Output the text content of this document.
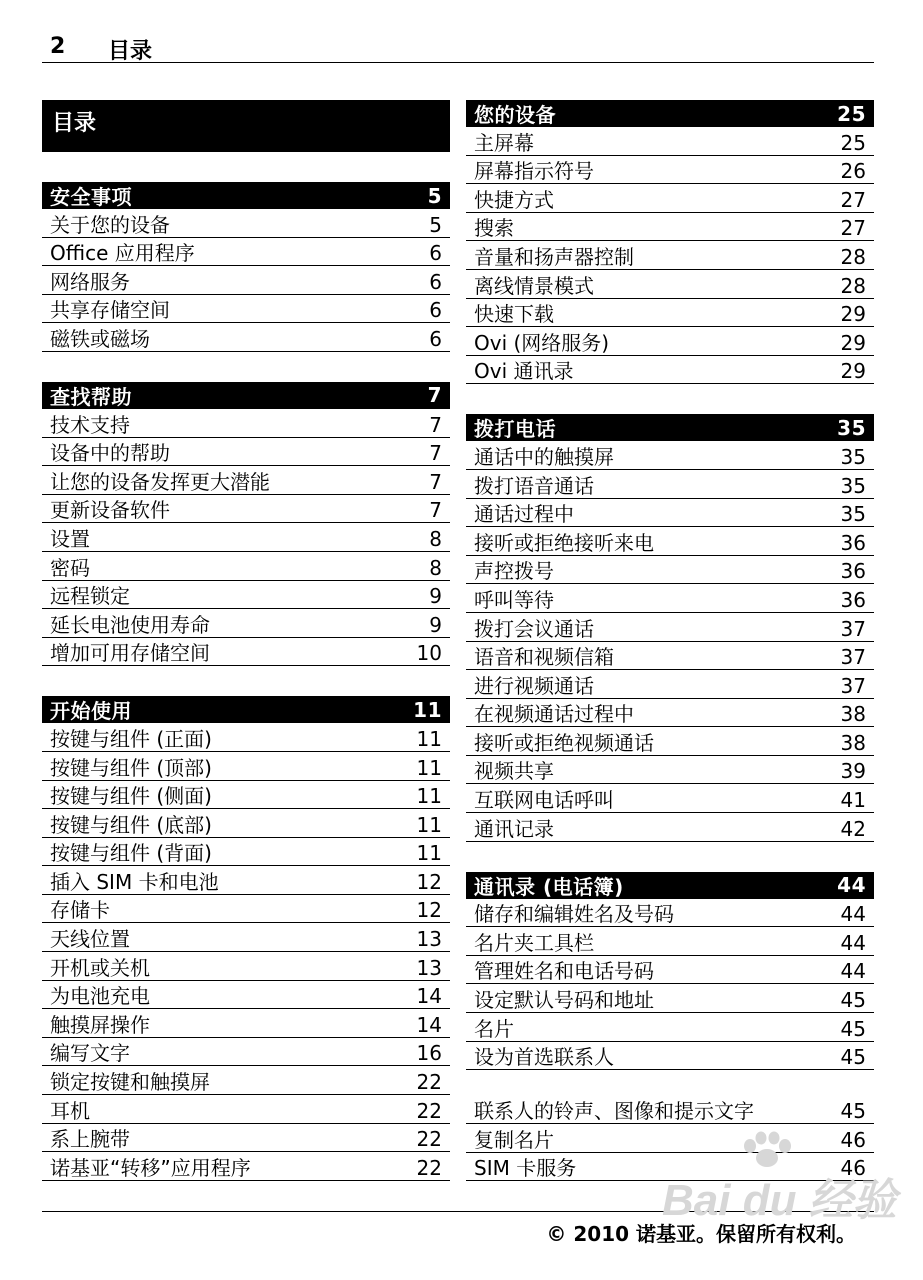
2 目录
目录
安全事项	5
关于您的设备	5
Office 应用程序	6
网络服务	6
共享存储空间	6
磁铁或磁场	6
查找帮助	7
技术支持	7
设备中的帮助	7
让您的设备发挥更大潜能	7
更新设备软件	7
设置	8
密码	8
远程锁定	9
延长电池使用寿命	9
增加可用存储空间	10
开始使用	11
按键与组件 (正面)	11
按键与组件 (顶部)	11
按键与组件 (侧面)	11
按键与组件 (底部)	11
按键与组件 (背面)	11
插入 SIM 卡和电池	12
存储卡	12
天线位置	13
开机或关机	13
为电池充电	14
触摸屏操作	14
编写文字	16
锁定按键和触摸屏	22
耳机	22
系上腕带	22
诺基亚“转移”应用程序	22
您的设备	25
主屏幕	25
屏幕指示符号	26
快捷方式	27
搜索	27
音量和扬声器控制	28
离线情景模式	28
快速下载	29
Ovi (网络服务)	29
Ovi 通讯录	29
拨打电话	35
通话中的触摸屏	35
拨打语音通话	35
通话过程中	35
接听或拒绝接听来电	36
声控拨号	36
呼叫等待	36
拨打会议通话	37
语音和视频信箱	37
进行视频通话	37
在视频通话过程中	38
接听或拒绝视频通话	38
视频共享	39
互联网电话呼叫	41
通讯记录	42
通讯录 (电话簿)	44
储存和编辑姓名及号码	44
名片夹工具栏	44
管理姓名和电话号码	44
设定默认号码和地址	45
名片	45
设为首选联系人	45
联系人的铃声、图像和提示文字	45
复制名片	46
SIM 卡服务	46
© 2010 诺基亚。保留所有权利。
Bai du 经验
